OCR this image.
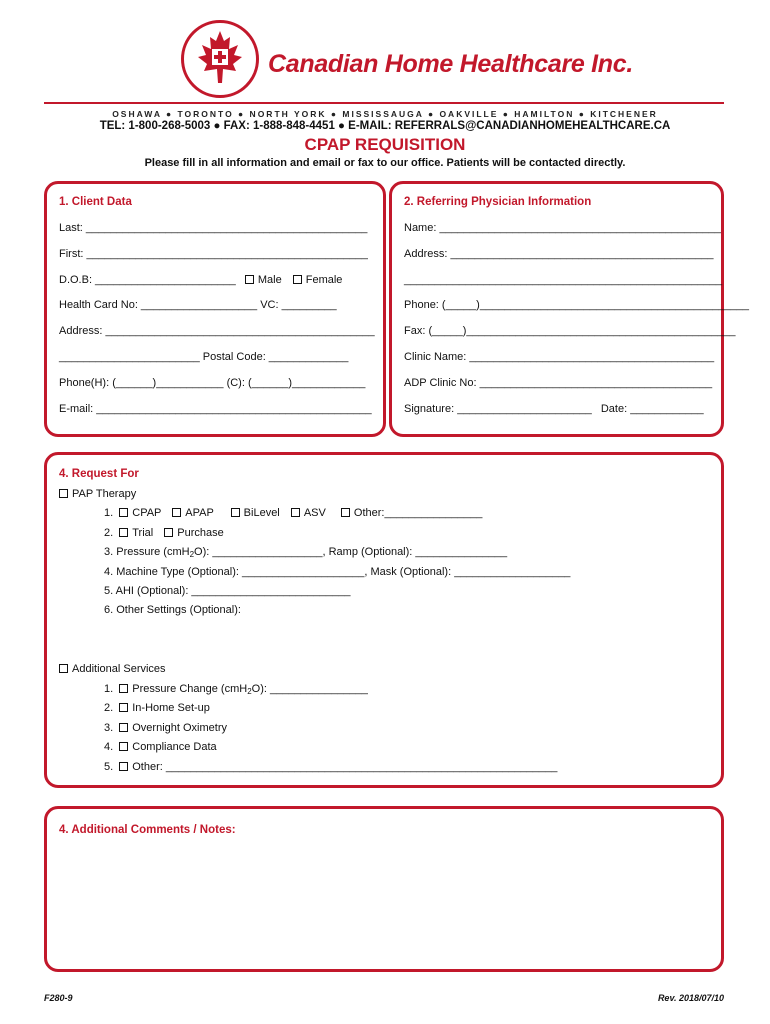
Canadian Home Healthcare Inc.
OSHAWA ● TORONTO ● NORTH YORK ● MISSISSAUGA ● OAKVILLE ● HAMILTON ● KITCHENER
TEL: 1-800-268-5003 ● FAX: 1-888-848-4451 ● E-MAIL: REFERRALS@CANADIANHOMEHEALTHCARE.CA
CPAP REQUISITION
Please fill in all information and email or fax to our office. Patients will be contacted directly.
1. Client Data
Last: ______________________________________________
First: ______________________________________________
D.O.B: _______________________ Male Female
Health Card No: ___________________ VC: _________
Address: ____________________________________________
_______________________ Postal Code: _____________
Phone(H): (______)___________ (C): (______)____________
E-mail: _____________________________________________
2. Referring Physician Information
Name: ______________________________________________
Address: ___________________________________________
____________________________________________________
Phone: (_____)____________________________________________
Fax: (_____)____________________________________________
Clinic Name: ________________________________________
ADP Clinic No: ______________________________________
Signature: ______________________ Date: ____________
4. Request For
PAP Therapy
1. CPAP APAP	BiLevel ASV	Other:________________
2. Trial Purchase
3. Pressure (cmH$_2$O): __________________, Ramp (Optional): _______________
4. Machine Type (Optional): ____________________, Mask (Optional): ___________________
5. AHI (Optional): __________________________
6. Other Settings (Optional):
Additional Services
1. Pressure Change (cmH$_2$O): ________________
2. In-Home Set-up
3. Overnight Oximetry
4. Compliance Data
5. Other: ________________________________________________________________
4. Additional Comments / Notes:
F280-9	Rev. 2018/07/10
